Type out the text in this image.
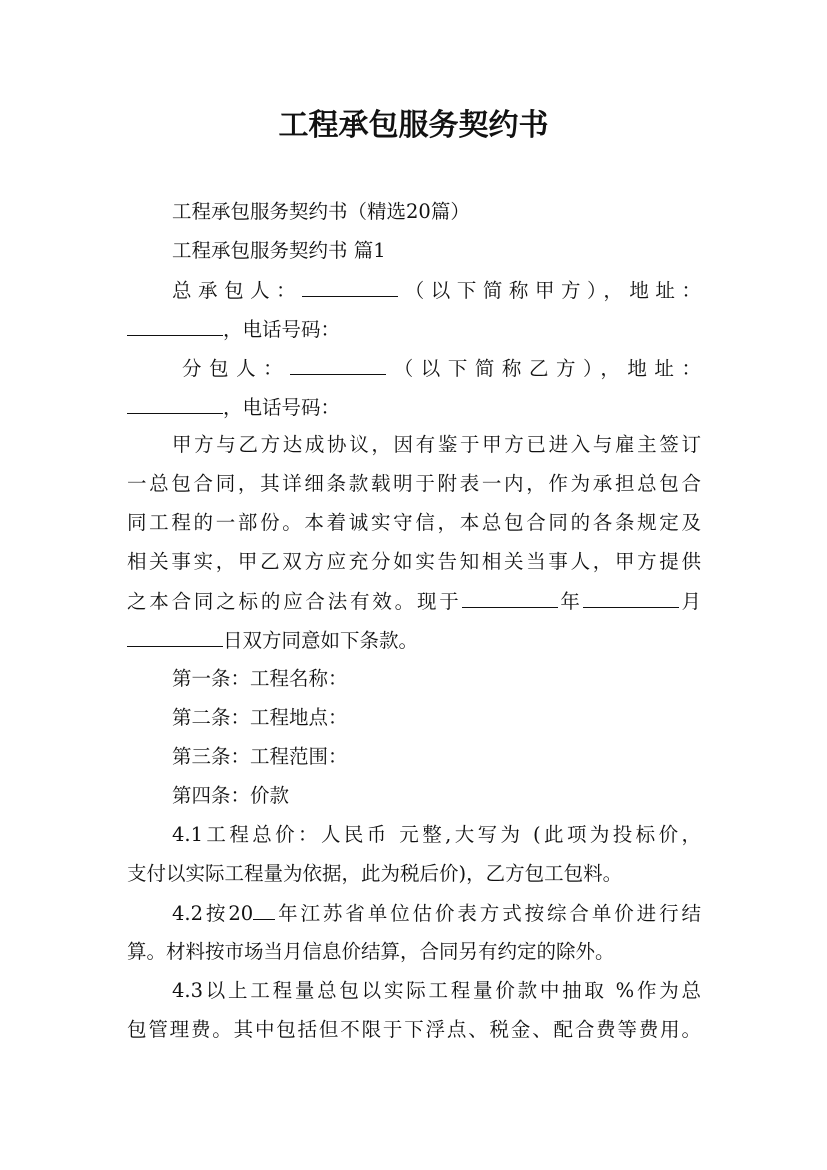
工程承包服务契约书
工程承包服务契约书（精选20篇）
工程承包服务契约书 篇1
总承包人：	（以下简称甲方），地址：
，电话号码：
分包人：	（以下简称乙方），地址：
，电话号码：
甲方与乙方达成协议，因有鉴于甲方已进入与雇主签订
一总包合同，其详细条款载明于附表一内，作为承担总包合
同工程的一部份。本着诚实守信，本总包合同的各条规定及
相关事实，甲乙双方应充分如实告知相关当事人，甲方提供
之本合同之标的应合法有效。现于	年	月
日双方同意如下条款。
第一条：工程名称：
第二条：工程地点：
第三条：工程范围：
第四条：价款
4.1工程总价：人民币 元整,大写为 (此项为投标价，
支付以实际工程量为依据，此为税后价)，乙方包工包料。
4.2按20 年江苏省单位估价表方式按综合单价进行结
算。材料按市场当月信息价结算，合同另有约定的除外。
4.3以上工程量总包以实际工程量价款中抽取 %作为总
包管理费。其中包括但不限于下浮点、税金、配合费等费用。
